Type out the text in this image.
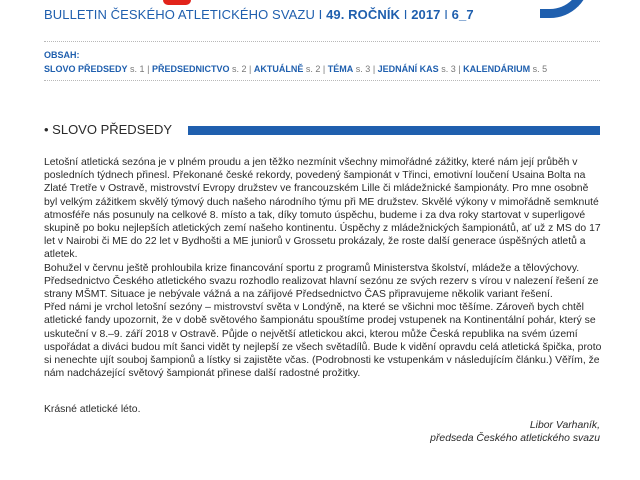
BULLETIN ČESKÉHO ATLETICKÉHO SVAZU I 49. ROČNÍK I 2017 I 6_7
OBSAH:
SLOVO PŘEDSEDY s. 1 | PŘEDSEDNICTVO s. 2 | AKTUÁLNĚ s. 2 | TÉMA s. 3 | JEDNÁNÍ KAS s. 3 | KALENDÁRIUM s. 5
• SLOVO PŘEDSEDY

Letošní atletická sezóna je v plném proudu a jen těžko nezmínit všechny mimořádné zážitky, které nám její průběh v posledních týdnech přinesl. Překonané české rekordy, povedený šampionát v Třinci, emotivní loučení Usaina Bolta na Zlaté Tretře v Ostravě, mistrovství Evropy družstev ve francouzském Lille či mládežnické šampionáty. Pro mne osobně byl velkým zážitkem skvělý týmový duch našeho národního týmu při ME družstev. Skvělé výkony v mimořádně semknuté atmosféře nás posunuly na celkové 8. místo a tak, díky tomuto úspěchu, budeme i za dva roky startovat v superligové skupině po boku nejlepších atletických zemí našeho kontinentu. Úspěchy z mládežnických šampionátů, ať už z MS do 17 let v Nairobi či ME do 22 let v Bydhošti a ME juniorů v Grossetu prokázaly, že roste další generace úspěšných atletů a atletek.

Bohužel v červnu ještě prohloubila krize financování sportu z programů Ministerstva školství, mládeže a tělovýchovy. Předsednictvo Českého atletického svazu rozhodlo realizovat hlavní sezónu ze svých rezerv s vírou v nalezení řešení ze strany MŠMT. Situace je nebývale vážná a na zářijové Předsednictvo ČAS připravujeme několik variant řešení.

Před námi je vrchol letošní sezóny – mistrovství světa v Londýně, na které se všichni moc těšíme. Zároveň bych chtěl atletické fandy upozornit, že v době světového šampionátu spouštíme prodej vstupenek na Kontinentální pohár, který se uskuteční v 8.–9. září 2018 v Ostravě. Půjde o největší atletickou akci, kterou může Česká republika na svém území uspořádat a diváci budou mít šanci vidět ty nejlepší ze všech světadílů. Bude k vidění opravdu celá atletická špička, proto si nenechte ujít souboj šampionů a lístky si zajistěte včas. (Podrobnosti ke vstupenkám v následujícím článku.) Věřím, že nám nadcházející světový šampionát přinese další radostné prožitky.

Krásné atletické léto.
Libor Varhaník,
předseda Českého atletického svazu
